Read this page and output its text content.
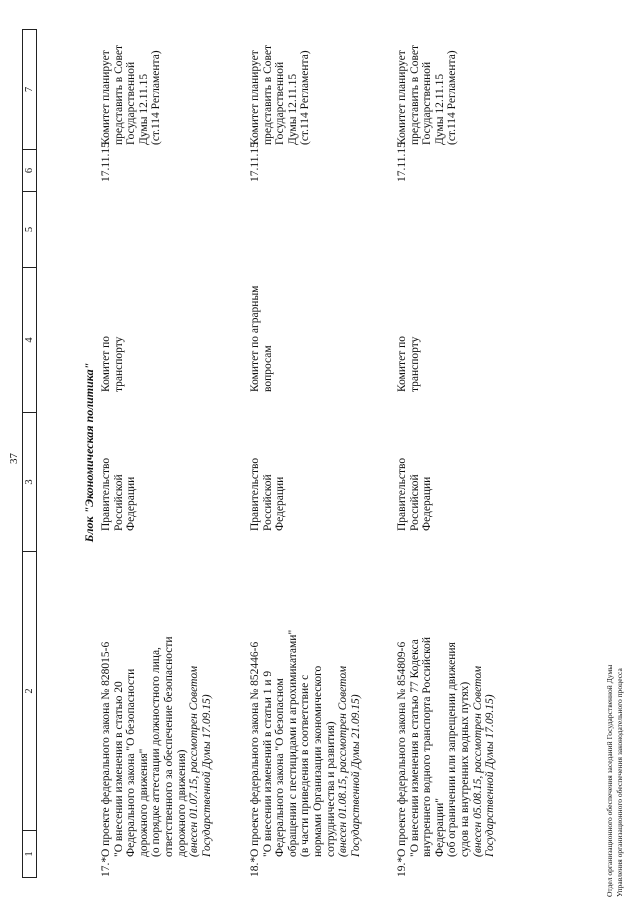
37
1
2
3
4
5
6
7
Блок "Экономическая политика"
17.*
О проекте федерального закона № 828015-6 "О внесении изменения в статью 20 Федерального закона "О безопасности дорожного движения" (о порядке аттестации должностного лица, ответственного за обеспечение безопасности дорожного движения) (внесен 01.07.15, рассмотрен Советом Государственной Думы 17.09.15)
Правительство Российской Федерации
Комитет по транспорту
17.11.15
Комитет планирует представить в Совет Государственной Думы 12.11.15 (ст.114 Регламента)
18.*
О проекте федерального закона № 852446-6 "О внесении изменений в статьи 1 и 9 Федерального закона "О безопасном обращении с пестицидами и агрохимикатами" (в части приведения в соответствие с нормами Организации экономического сотрудничества и развития) (внесен 01.08.15, рассмотрен Советом Государственной Думы 21.09.15)
Правительство Российской Федерации
Комитет по аграрным вопросам
17.11.15
Комитет планирует представить в Совет Государственной Думы 12.11.15 (ст.114 Регламента)
19.*
О проекте федерального закона № 854809-6 "О внесении изменения в статью 77 Кодекса внутреннего водного транспорта Российской Федерации" (об ограничении или запрещении движения судов на внутренних водных путях) (внесен 05.08.15, рассмотрен Советом Государственной Думы 17.09.15)
Правительство Российской Федерации
Комитет по транспорту
17.11.15
Комитет планирует представить в Совет Государственной Думы 12.11.15 (ст.114 Регламента)
Отдел организационного обеспечения заседаний Государственной Думы Управления организационного обеспечения законодательного процесса
